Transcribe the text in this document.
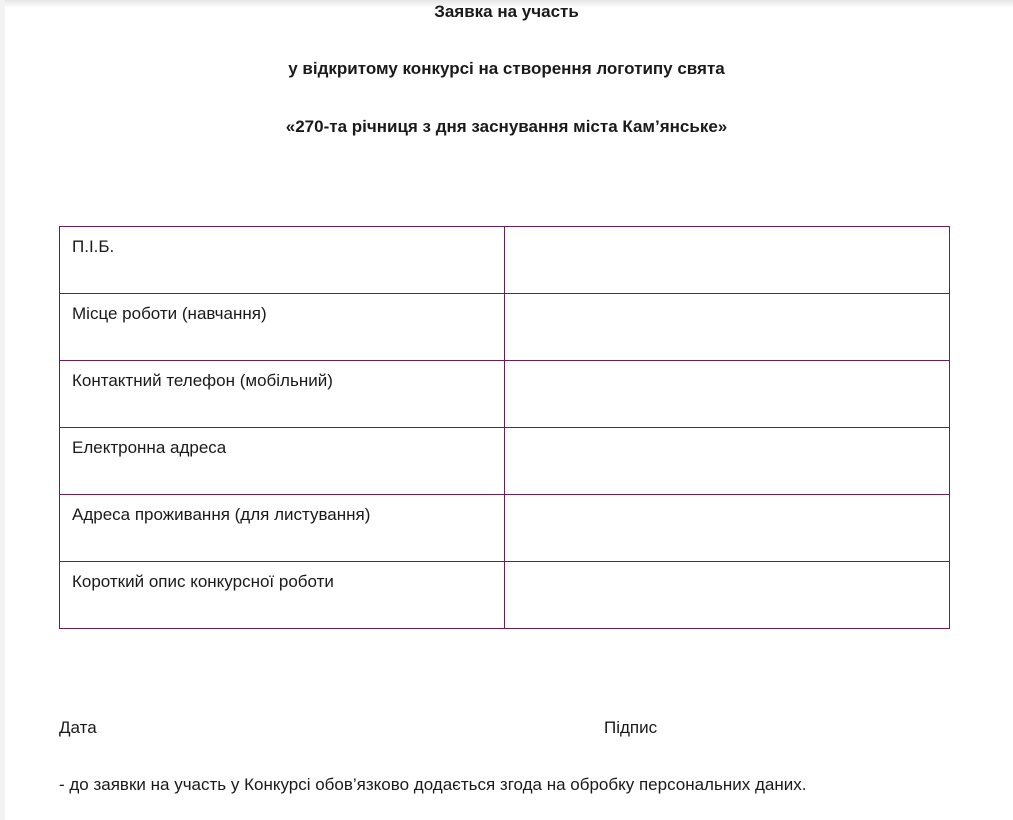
Заявка на участь
у відкритому конкурсі на створення логотипу свята
«270-та річниця з дня заснування міста Кам’янське»
П.І.Б.	
Місце роботи (навчання)	
Контактний телефон (мобільний)	
Електронна адреса	
Адреса проживання (для листування)	
Короткий опис конкурсної роботи	
Дата	Підпис
- до заявки на участь у Конкурсі обов’язково додається згода на обробку персональних даних.
